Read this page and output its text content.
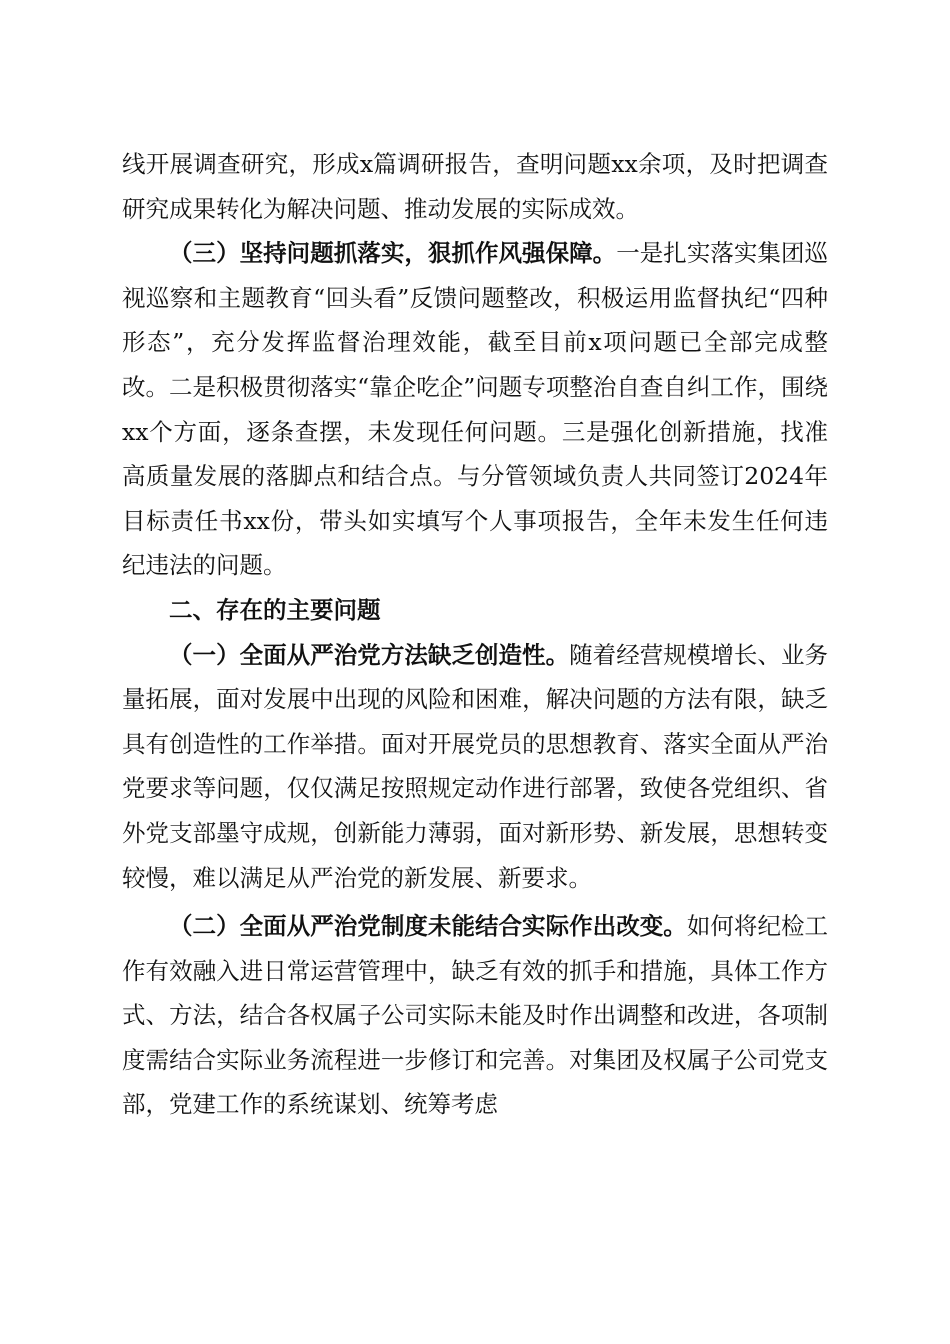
线开展调查研究，形成x篇调研报告，查明问题xx余项，及时把调查研究成果转化为解决问题、推动发展的实际成效。

（三）坚持问题抓落实，狠抓作风强保障。一是扎实落实集团巡视巡察和主题教育“回头看”反馈问题整改，积极运用监督执纪“四种形态”，充分发挥监督治理效能，截至目前x项问题已全部完成整改。二是积极贯彻落实“靠企吃企”问题专项整治自查自纠工作，围绕xx个方面，逐条查摆，未发现任何问题。三是强化创新措施，找准高质量发展的落脚点和结合点。与分管领域负责人共同签订2024年目标责任书xx份，带头如实填写个人事项报告，全年未发生任何违纪违法的问题。

二、存在的主要问题

（一）全面从严治党方法缺乏创造性。随着经营规模增长、业务量拓展，面对发展中出现的风险和困难，解决问题的方法有限，缺乏具有创造性的工作举措。面对开展党员的思想教育、落实全面从严治党要求等问题，仅仅满足按照规定动作进行部署，致使各党组织、省外党支部墨守成规，创新能力薄弱，面对新形势、新发展，思想转变较慢，难以满足从严治党的新发展、新要求。

（二）全面从严治党制度未能结合实际作出改变。如何将纪检工作有效融入进日常运营管理中，缺乏有效的抓手和措施，具体工作方式、方法，结合各权属子公司实际未能及时作出调整和改进，各项制度需结合实际业务流程进一步修订和完善。对集团及权属子公司党支部，党建工作的系统谋划、统筹考虑
